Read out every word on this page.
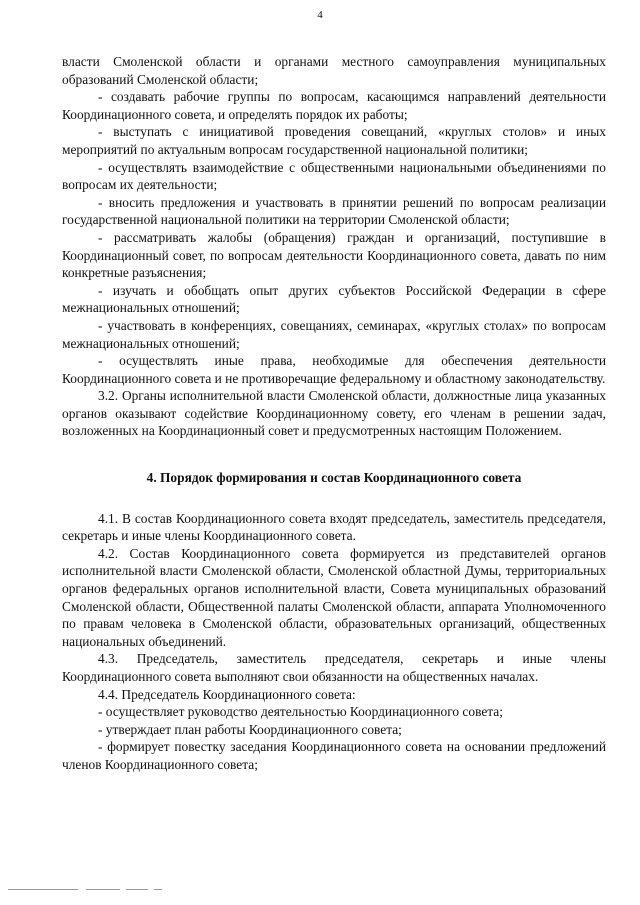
4

власти Смоленской области и органами местного самоуправления муниципальных образований Смоленской области;

- создавать рабочие группы по вопросам, касающимся направлений деятельности Координационного совета, и определять порядок их работы;

- выступать с инициативой проведения совещаний, «круглых столов» и иных мероприятий по актуальным вопросам государственной национальной политики;

- осуществлять взаимодействие с общественными национальными объединениями по вопросам их деятельности;

- вносить предложения и участвовать в принятии решений по вопросам реализации государственной национальной политики на территории Смоленской области;

- рассматривать жалобы (обращения) граждан и организаций, поступившие в Координационный совет, по вопросам деятельности Координационного совета, давать по ним конкретные разъяснения;

- изучать и обобщать опыт других субъектов Российской Федерации в сфере межнациональных отношений;

- участвовать в конференциях, совещаниях, семинарах, «круглых столах» по вопросам межнациональных отношений;

- осуществлять иные права, необходимые для обеспечения деятельности Координационного совета и не противоречащие федеральному и областному законодательству.

3.2. Органы исполнительной власти Смоленской области, должностные лица указанных органов оказывают содействие Координационному совету, его членам в решении задач, возложенных на Координационный совет и предусмотренных настоящим Положением.

4. Порядок формирования и состав Координационного совета

4.1. В состав Координационного совета входят председатель, заместитель председателя, секретарь и иные члены Координационного совета.

4.2. Состав Координационного совета формируется из представителей органов исполнительной власти Смоленской области, Смоленской областной Думы, территориальных органов федеральных органов исполнительной власти, Совета муниципальных образований Смоленской области, Общественной палаты Смоленской области, аппарата Уполномоченного по правам человека в Смоленской области, образовательных организаций, общественных национальных объединений.

4.3. Председатель, заместитель председателя, секретарь и иные члены Координационного совета выполняют свои обязанности на общественных началах.

4.4. Председатель Координационного совета:

- осуществляет руководство деятельностью Координационного совета;

- утверждает план работы Координационного совета;

- формирует повестку заседания Координационного совета на основании предложений членов Координационного совета;
